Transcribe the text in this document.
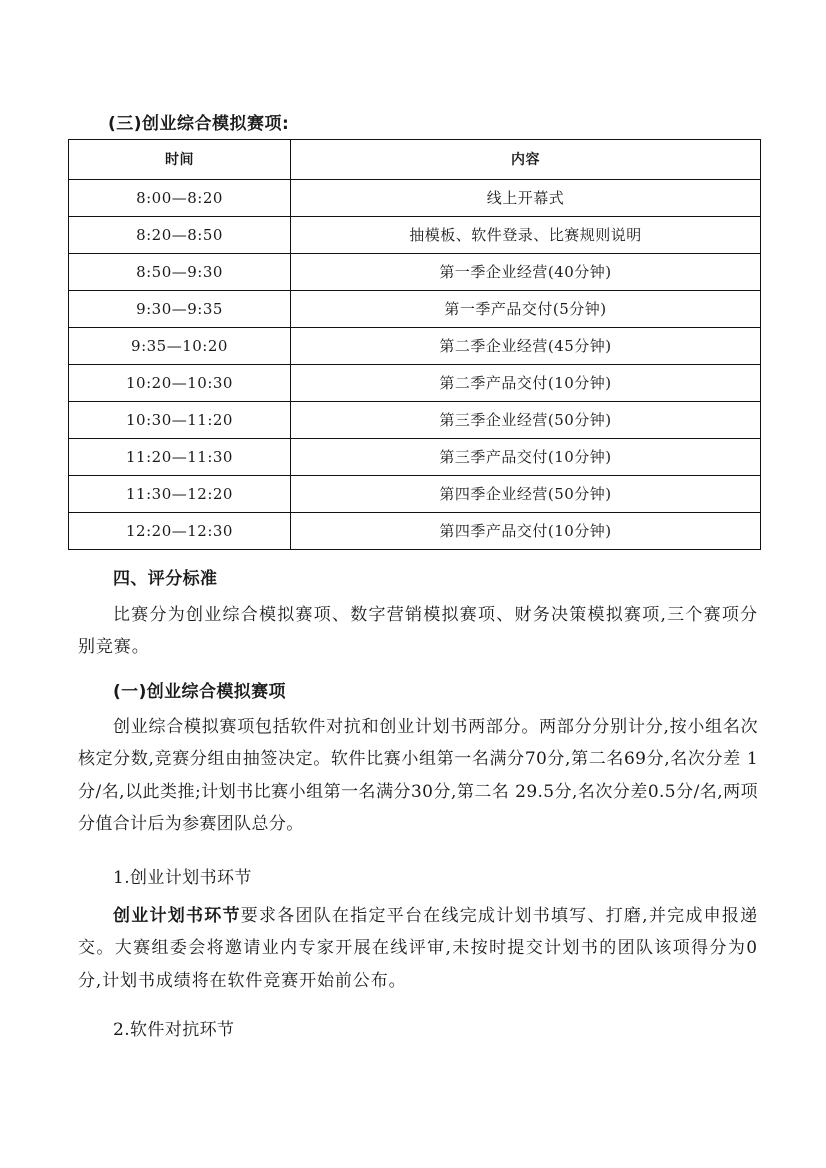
(三)创业综合模拟赛项:
时间	内容
8:00—8:20	线上开幕式
8:20—8:50	抽模板、软件登录、比赛规则说明
8:50—9:30	第一季企业经营(40分钟)
9:30—9:35	第一季产品交付(5分钟)
9:35—10:20	第二季企业经营(45分钟)
10:20—10:30	第二季产品交付(10分钟)
10:30—11:20	第三季企业经营(50分钟)
11:20—11:30	第三季产品交付(10分钟)
11:30—12:20	第四季企业经营(50分钟)
12:20—12:30	第四季产品交付(10分钟)
四、评分标准
比赛分为创业综合模拟赛项、数字营销模拟赛项、财务决策模拟赛项,三个赛项分别竞赛。
(一)创业综合模拟赛项
创业综合模拟赛项包括软件对抗和创业计划书两部分。两部分分别计分,按小组名次核定分数,竞赛分组由抽签决定。软件比赛小组第一名满分70分,第二名69分,名次分差 1分/名,以此类推;计划书比赛小组第一名满分30分,第二名 29.5分,名次分差0.5分/名,两项分值合计后为参赛团队总分。
1.创业计划书环节
创业计划书环节要求各团队在指定平台在线完成计划书填写、打磨,并完成申报递交。大赛组委会将邀请业内专家开展在线评审,未按时提交计划书的团队该项得分为0分,计划书成绩将在软件竞赛开始前公布。
2.软件对抗环节
